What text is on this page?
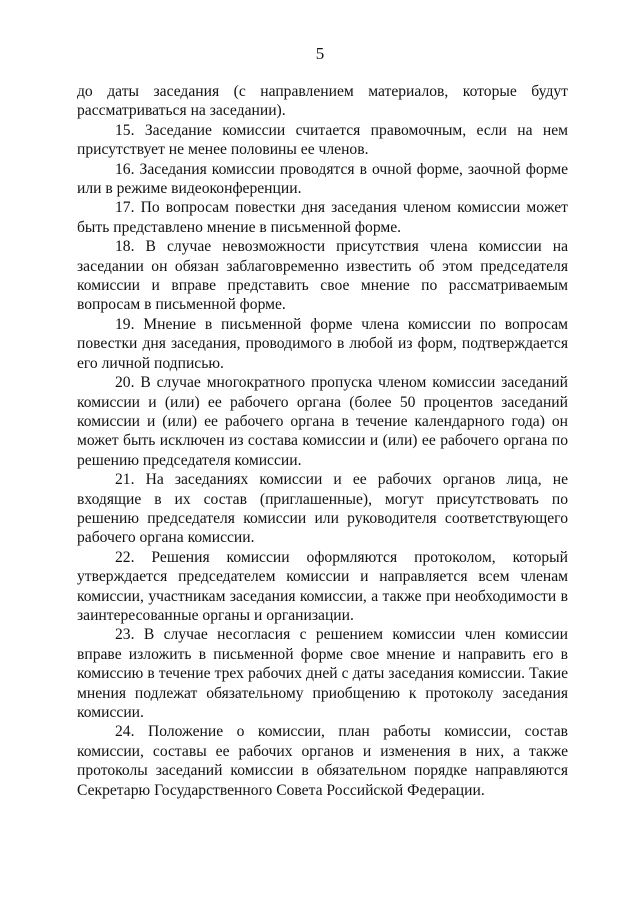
5

до даты заседания (с направлением материалов, которые будут рассматриваться на заседании).

15. Заседание комиссии считается правомочным, если на нем присутствует не менее половины ее членов.

16. Заседания комиссии проводятся в очной форме, заочной форме или в режиме видеоконференции.

17. По вопросам повестки дня заседания членом комиссии может быть представлено мнение в письменной форме.

18. В случае невозможности присутствия члена комиссии на заседании он обязан заблаговременно известить об этом председателя комиссии и вправе представить свое мнение по рассматриваемым вопросам в письменной форме.

19. Мнение в письменной форме члена комиссии по вопросам повестки дня заседания, проводимого в любой из форм, подтверждается его личной подписью.

20. В случае многократного пропуска членом комиссии заседаний комиссии и (или) ее рабочего органа (более 50 процентов заседаний комиссии и (или) ее рабочего органа в течение календарного года) он может быть исключен из состава комиссии и (или) ее рабочего органа по решению председателя комиссии.

21. На заседаниях комиссии и ее рабочих органов лица, не входящие в их состав (приглашенные), могут присутствовать по решению председателя комиссии или руководителя соответствующего рабочего органа комиссии.

22. Решения комиссии оформляются протоколом, который утверждается председателем комиссии и направляется всем членам комиссии, участникам заседания комиссии, а также при необходимости в заинтересованные органы и организации.

23. В случае несогласия с решением комиссии член комиссии вправе изложить в письменной форме свое мнение и направить его в комиссию в течение трех рабочих дней с даты заседания комиссии. Такие мнения подлежат обязательному приобщению к протоколу заседания комиссии.

24. Положение о комиссии, план работы комиссии, состав комиссии, составы ее рабочих органов и изменения в них, а также протоколы заседаний комиссии в обязательном порядке направляются Секретарю Государственного Совета Российской Федерации.
